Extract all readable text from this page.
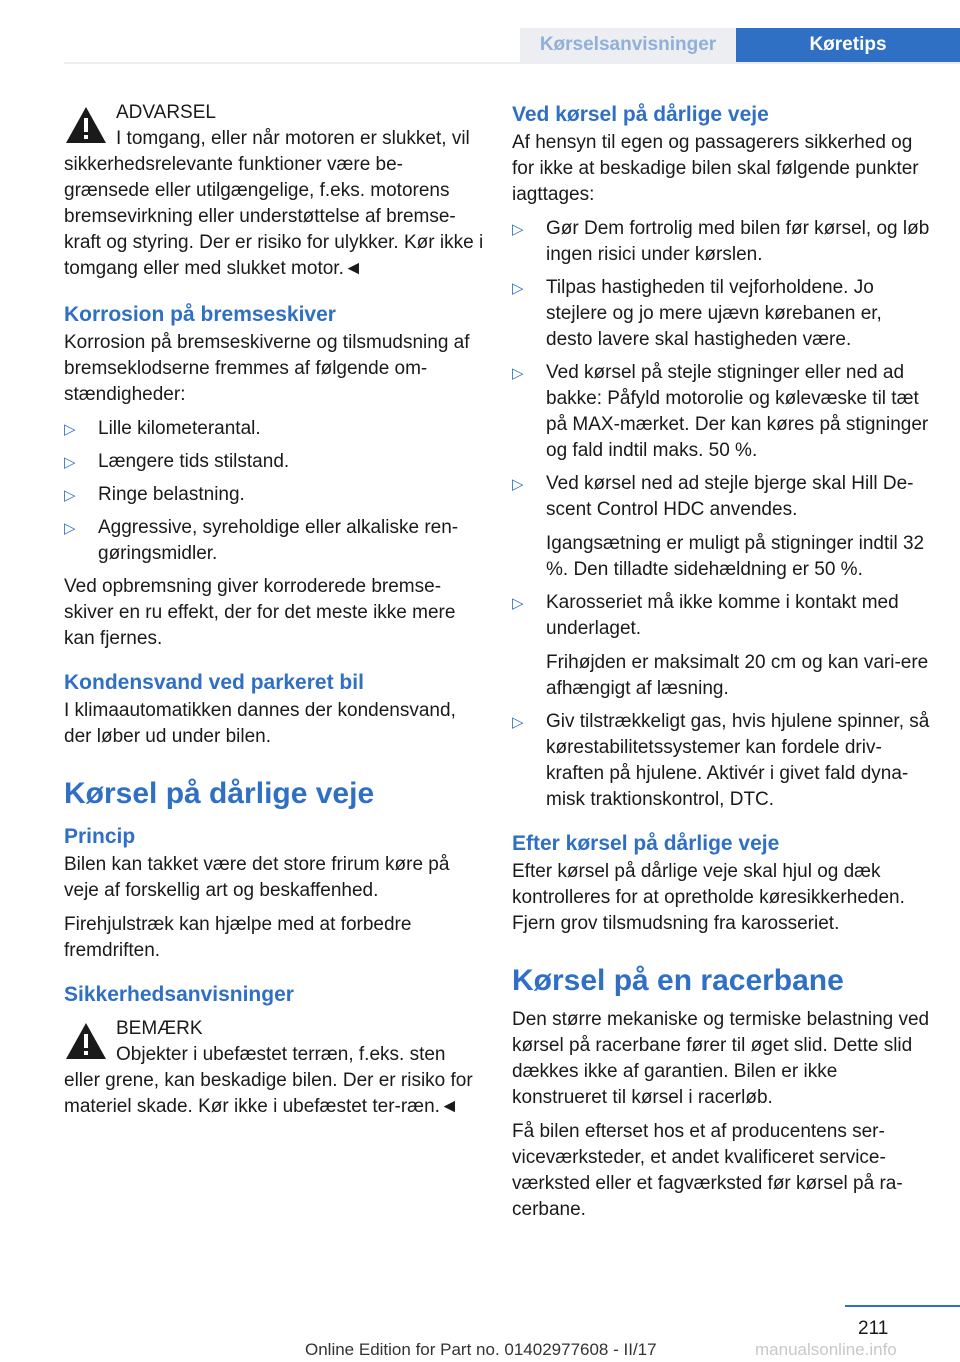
Kørselsanvisninger	Køretips

ADVARSEL

I tomgang, eller når motoren er slukket, vil sikkerhedsrelevante funktioner være be-grænsede eller utilgængelige, f.eks. motorens bremsevirkning eller understøttelse af bremse-kraft og styring. Der er risiko for ulykker. Kør ikke i tomgang eller med slukket motor.◄

Korrosion på bremseskiver

Korrosion på bremseskiverne og tilsmudsning af bremseklodserne fremmes af følgende om-stændigheder:

▷ Lille kilometerantal.
▷ Længere tids stilstand.
▷ Ringe belastning.
▷ Aggressive, syreholdige eller alkaliske ren-gøringsmidler.

Ved opbremsning giver korroderede bremse-skiver en ru effekt, der for det meste ikke mere kan fjernes.

Kondensvand ved parkeret bil

I klimaautomatikken dannes der kondensvand, der løber ud under bilen.

Kørsel på dårlige veje
Princip

Bilen kan takket være det store frirum køre på veje af forskellig art og beskaffenhed.

Firehjulstræk kan hjælpe med at forbedre fremdriften.

Sikkerhedsanvisninger

BEMÆRK

Objekter i ubefæstet terræn, f.eks. sten eller grene, kan beskadige bilen. Der er risiko for materiel skade. Kør ikke i ubefæstet ter-ræn.◄

Ved kørsel på dårlige veje

Af hensyn til egen og passagerers sikkerhed og for ikke at beskadige bilen skal følgende punkter iagttages:

▷ Gør Dem fortrolig med bilen før kørsel, og løb ingen risici under kørslen.
▷ Tilpas hastigheden til vejforholdene. Jo stejlere og jo mere ujævn kørebanen er, desto lavere skal hastigheden være.
▷ Ved kørsel på stejle stigninger eller ned ad bakke: Påfyld motorolie og kølevæske til tæt på MAX-mærket. Der kan køres på stigninger og fald indtil maks. 50 %.
▷ Ved kørsel ned ad stejle bjerge skal Hill De-scent Control HDC anvendes.
Igangsætning er muligt på stigninger indtil 32 %. Den tilladte sidehældning er 50 %.
▷ Karosseriet må ikke komme i kontakt med underlaget.
Frihøjden er maksimalt 20 cm og kan vari-ere afhængigt af læsning.
▷ Giv tilstrækkeligt gas, hvis hjulene spinner, så kørestabilitetssystemer kan fordele driv-kraften på hjulene. Aktivér i givet fald dyna-misk traktionskontrol, DTC.
Efter kørsel på dårlige veje

Efter kørsel på dårlige veje skal hjul og dæk kontrolleres for at opretholde køresikkerheden. Fjern grov tilsmudsning fra karosseriet.

Kørsel på en racerbane

Den større mekaniske og termiske belastning ved kørsel på racerbane fører til øget slid. Dette slid dækkes ikke af garantien. Bilen er ikke konstrueret til kørsel i racerløb.

Få bilen efterset hos et af producentens ser-viceværksteder, et andet kvalificeret service-værksted eller et fagværksted før kørsel på ra-cerbane.

211
Online Edition for Part no. 01402977608 - II/17	manualsonline.info
